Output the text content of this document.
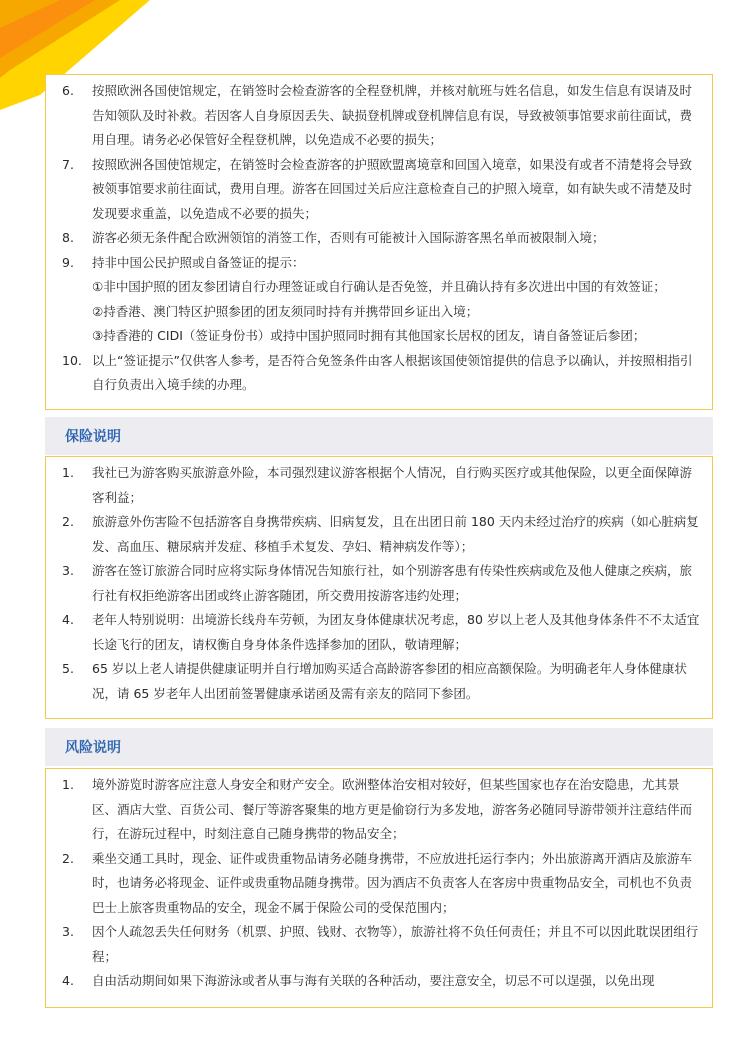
6.	按照欧洲各国使馆规定，在销签时会检查游客的全程登机牌，并核对航班与姓名信息，如发生信息有误请及时告知领队及时补救。若因客人自身原因丢失、缺损登机牌或登机牌信息有误，导致被领事馆要求前往面试，费用自理。请务必必保管好全程登机牌，以免造成不必要的损失；
7.	按照欧洲各国使馆规定，在销签时会检查游客的护照欧盟离境章和回国入境章，如果没有或者不清楚将会导致被领事馆要求前往面试，费用自理。游客在回国过关后应注意检查自己的护照入境章，如有缺失或不清楚及时发现要求重盖，以免造成不必要的损失；
8.	游客必须无条件配合欧洲领馆的消签工作，否则有可能被计入国际游客黑名单而被限制入境；
9.	持非中国公民护照或自备签证的提示：
①非中国护照的团友参团请自行办理签证或自行确认是否免签，并且确认持有多次进出中国的有效签证；
②持香港、澳门特区护照参团的团友须同时持有并携带回乡证出入境；
③持香港的 CIDI（签证身份书）或持中国护照同时拥有其他国家长居权的团友，请自备签证后参团；
10. 以上“签证提示”仅供客人参考，是否符合免签条件由客人根据该国使领馆提供的信息予以确认，并按照相指引自行负责出入境手续的办理。
保险说明
1.	我社已为游客购买旅游意外险，本司强烈建议游客根据个人情况，自行购买医疗或其他保险，以更全面保障游客利益；
2.	旅游意外伤害险不包括游客自身携带疾病、旧病复发，且在出团日前 180 天内未经过治疗的疾病（如心脏病复发、高血压、糖尿病并发症、移植手术复发、孕妇、精神病发作等）；
3.	游客在签订旅游合同时应将实际身体情况告知旅行社，如个别游客患有传染性疾病或危及他人健康之疾病，旅行社有权拒绝游客出团或终止游客随团，所交费用按游客违约处理；
4.	老年人特别说明：出境游长线舟车劳顿，为团友身体健康状况考虑，80 岁以上老人及其他身体条件不不太适宜长途飞行的团友，请权衡自身身体条件选择参加的团队，敬请理解；
5.	65 岁以上老人请提供健康证明并自行增加购买适合高龄游客参团的相应高额保险。为明确老年人身体健康状况，请 65 岁老年人出团前签署健康承诺函及需有亲友的陪同下参团。
风险说明
1.	境外游览时游客应注意人身安全和财产安全。欧洲整体治安相对较好，但某些国家也存在治安隐患，尤其景区、酒店大堂、百货公司、餐厅等游客聚集的地方更是偷窃行为多发地，游客务必随同导游带领并注意结伴而行，在游玩过程中，时刻注意自己随身携带的物品安全；
2.	乘坐交通工具时，现金、证件或贵重物品请务必随身携带，不应放进托运行李内；外出旅游离开酒店及旅游车时，也请务必将现金、证件或贵重物品随身携带。因为酒店不负责客人在客房中贵重物品安全，司机也不负责巴士上旅客贵重物品的安全，现金不属于保险公司的受保范围内；
3.	因个人疏忽丢失任何财务（机票、护照、钱财、衣物等），旅游社将不负任何责任；并且不可以因此耽误团组行程；
4.	自由活动期间如果下海游泳或者从事与海有关联的各种活动，要注意安全，切忌不可以逞强，以免出现
